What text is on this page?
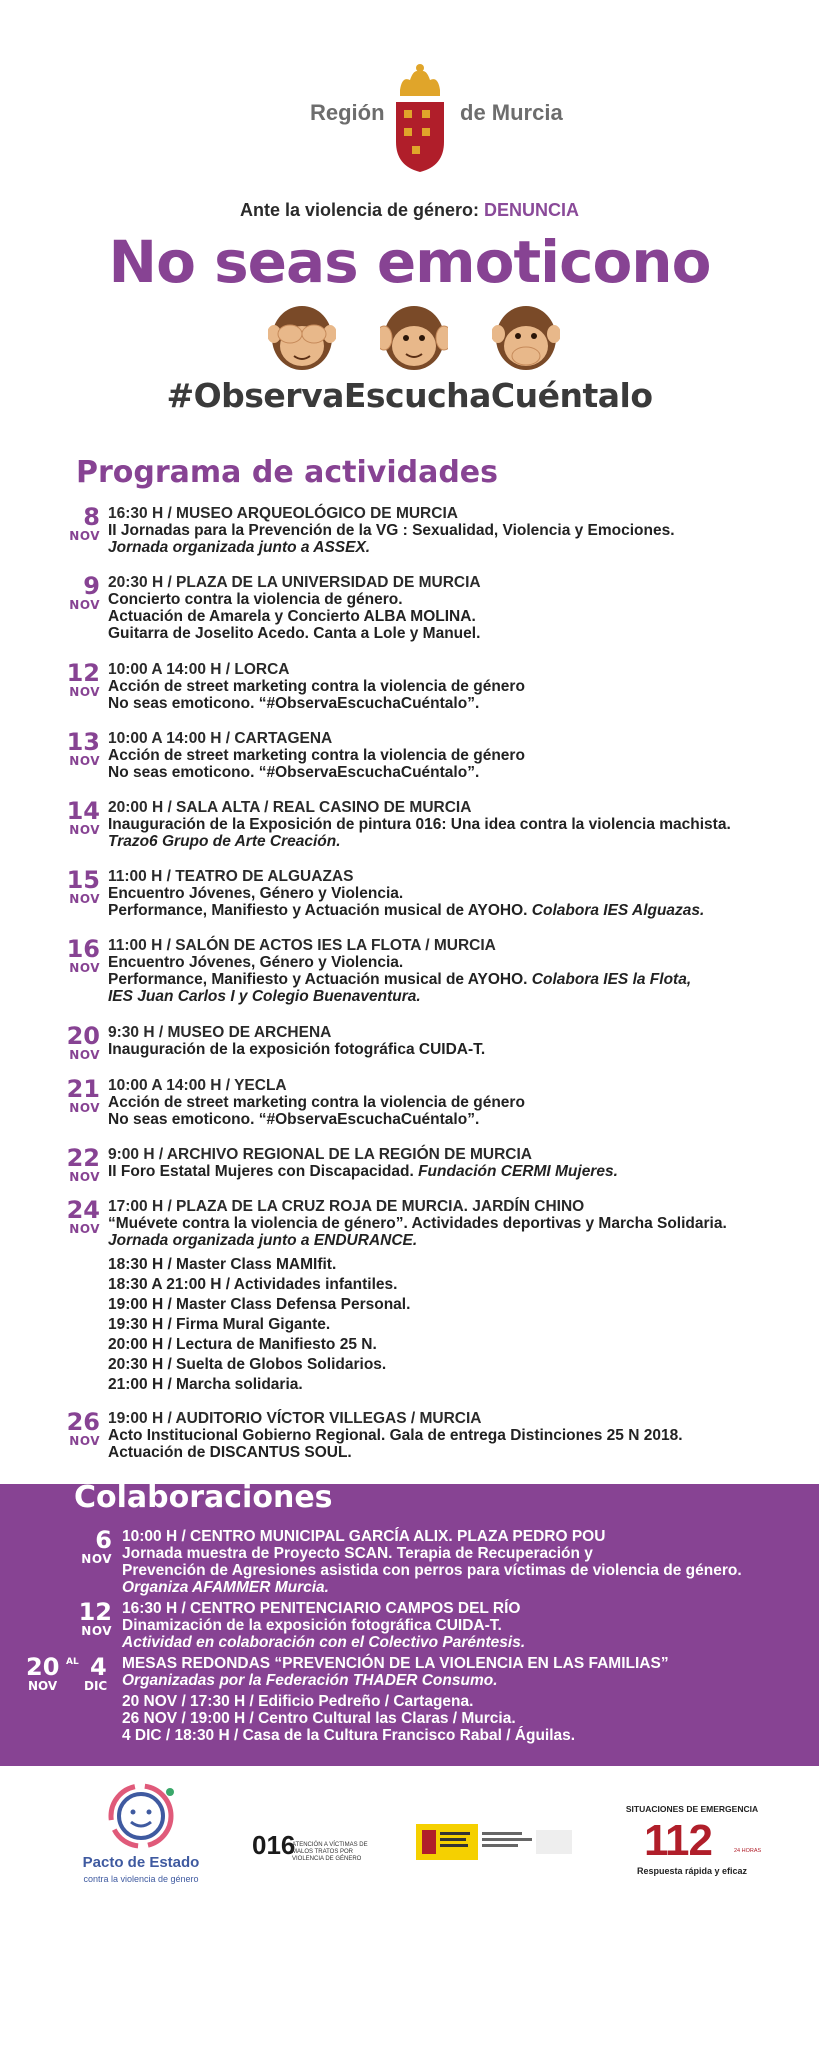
Región	de Murcia
Ante la violencia de género: DENUNCIA
No seas emoticono
#ObservaEscuchaCuéntalo
Programa de actividades
8
NOV
16:30 H / MUSEO ARQUEOLÓGICO DE MURCIA
II Jornadas para la Prevención de la VG : Sexualidad, Violencia y Emociones.
Jornada organizada junto a ASSEX.
9
NOV
20:30 H / PLAZA DE LA UNIVERSIDAD DE MURCIA
Concierto contra la violencia de género.
Actuación de Amarela y Concierto ALBA MOLINA.
Guitarra de Joselito Acedo. Canta a Lole y Manuel.
12
NOV
10:00 A 14:00 H / LORCA
Acción de street marketing contra la violencia de género
No seas emoticono. “#ObservaEscuchaCuéntalo”.
13
NOV
10:00 A 14:00 H / CARTAGENA
Acción de street marketing contra la violencia de género
No seas emoticono. “#ObservaEscuchaCuéntalo”.
14
NOV
20:00 H / SALA ALTA / REAL CASINO DE MURCIA
Inauguración de la Exposición de pintura 016: Una idea contra la violencia machista.
Trazo6 Grupo de Arte Creación.
15
NOV
11:00 H / TEATRO DE ALGUAZAS
Encuentro Jóvenes, Género y Violencia.
Performance, Manifiesto y Actuación musical de AYOHO. Colabora IES Alguazas.
16
NOV
11:00 H / SALÓN DE ACTOS IES LA FLOTA / MURCIA
Encuentro Jóvenes, Género y Violencia.
Performance, Manifiesto y Actuación musical de AYOHO. Colabora IES la Flota,
IES Juan Carlos I y Colegio Buenaventura.
20
NOV
9:30 H / MUSEO DE ARCHENA
Inauguración de la exposición fotográfica CUIDA-T.
21
NOV
10:00 A 14:00 H / YECLA
Acción de street marketing contra la violencia de género
No seas emoticono. “#ObservaEscuchaCuéntalo”.
22
NOV
9:00 H / ARCHIVO REGIONAL DE LA REGIÓN DE MURCIA
II Foro Estatal Mujeres con Discapacidad. Fundación CERMI Mujeres.
24
NOV
17:00 H / PLAZA DE LA CRUZ ROJA DE MURCIA. JARDÍN CHINO
“Muévete contra la violencia de género”. Actividades deportivas y Marcha Solidaria.
Jornada organizada junto a ENDURANCE.
18:30 H / Master Class MAMIfit.
18:30 A 21:00 H / Actividades infantiles.
19:00 H / Master Class Defensa Personal.
19:30 H / Firma Mural Gigante.
20:00 H / Lectura de Manifiesto 25 N.
20:30 H / Suelta de Globos Solidarios.
21:00 H / Marcha solidaria.
26
NOV
19:00 H / AUDITORIO VÍCTOR VILLEGAS / MURCIA
Acto Institucional Gobierno Regional. Gala de entrega Distinciones 25 N 2018.
Actuación de DISCANTUS SOUL.
Colaboraciones
6
NOV
10:00 H / CENTRO MUNICIPAL GARCÍA ALIX. PLAZA PEDRO POU
Jornada muestra de Proyecto SCAN. Terapia de Recuperación y
Prevención de Agresiones asistida con perros para víctimas de violencia de género.
Organiza AFAMMER Murcia.
12
NOV
16:30 H / CENTRO PENITENCIARIO CAMPOS DEL RÍO
Dinamización de la exposición fotográfica CUIDA-T.
Actividad en colaboración con el Colectivo Paréntesis.
20 AL 4
NOV DIC
MESAS REDONDAS “PREVENCIÓN DE LA VIOLENCIA EN LAS FAMILIAS”
Organizadas por la Federación THADER Consumo.
20 NOV / 17:30 H / Edificio Pedreño / Cartagena.
26 NOV / 19:00 H / Centro Cultural las Claras / Murcia.
4 DIC / 18:30 H / Casa de la Cultura Francisco Rabal / Águilas.
Pacto de Estado
contra la violencia de género
016
ATENCIÓN A VÍCTIMAS DE MALOS TRATOS POR VIOLENCIA DE GÉNERO
SITUACIONES DE EMERGENCIA
112	24 HORAS
Respuesta rápida y eficaz
